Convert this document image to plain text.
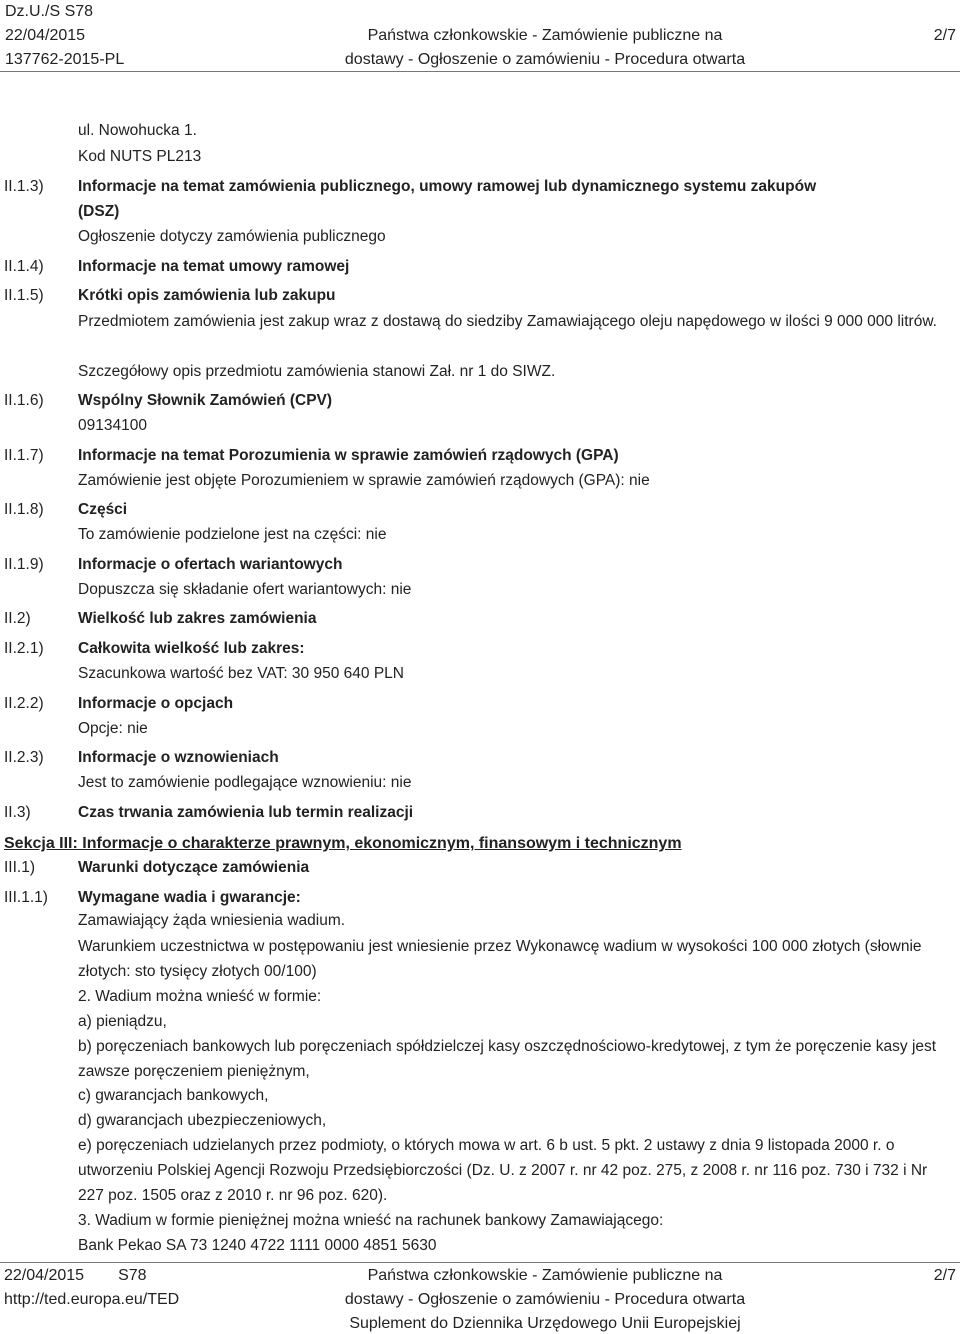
Dz.U./S S78
22/04/2015
137762-2015-PL
Państwa członkowskie - Zamówienie publiczne na
dostawy - Ogłoszenie o zamówieniu - Procedura otwarta
2/7
ul. Nowohucka 1.
Kod NUTS PL213
II.1.3) Informacje na temat zamówienia publicznego, umowy ramowej lub dynamicznego systemu zakupów
(DSZ)
Ogłoszenie dotyczy zamówienia publicznego
II.1.4) Informacje na temat umowy ramowej
II.1.5) Krótki opis zamówienia lub zakupu
Przedmiotem zamówienia jest zakup wraz z dostawą do siedziby Zamawiającego oleju napędowego w ilości 9 000 000 litrów.
Szczegółowy opis przedmiotu zamówienia stanowi Zał. nr 1 do SIWZ.
II.1.6) Wspólny Słownik Zamówień (CPV)
09134100
II.1.7) Informacje na temat Porozumienia w sprawie zamówień rządowych (GPA)
Zamówienie jest objęte Porozumieniem w sprawie zamówień rządowych (GPA): nie
II.1.8) Części
To zamówienie podzielone jest na części: nie
II.1.9) Informacje o ofertach wariantowych
Dopuszcza się składanie ofert wariantowych: nie
II.2)	Wielkość lub zakres zamówienia
II.2.1) Całkowita wielkość lub zakres:
Szacunkowa wartość bez VAT: 30 950 640 PLN
II.2.2) Informacje o opcjach
Opcje: nie
II.2.3) Informacje o wznowieniach
Jest to zamówienie podlegające wznowieniu: nie
II.3)	Czas trwania zamówienia lub termin realizacji
Sekcja III: Informacje o charakterze prawnym, ekonomicznym, finansowym i technicznym
III.1)	Warunki dotyczące zamówienia
III.1.1) Wymagane wadia i gwarancje:
Zamawiający żąda wniesienia wadium.
Warunkiem uczestnictwa w postępowaniu jest wniesienie przez Wykonawcę wadium w wysokości 100 000 złotych (słownie złotych: sto tysięcy złotych 00/100)
2. Wadium można wnieść w formie:
a) pieniądzu,
b) poręczeniach bankowych lub poręczeniach spółdzielczej kasy oszczędnościowo-kredytowej, z tym że poręczenie kasy jest zawsze poręczeniem pieniężnym,
c) gwarancjach bankowych,
d) gwarancjach ubezpieczeniowych,
e) poręczeniach udzielanych przez podmioty, o których mowa w art. 6 b ust. 5 pkt. 2 ustawy z dnia 9 listopada 2000 r. o utworzeniu Polskiej Agencji Rozwoju Przedsiębiorczości (Dz. U. z 2007 r. nr 42 poz. 275, z 2008 r. nr 116 poz. 730 i 732 i Nr 227 poz. 1505 oraz z 2010 r. nr 96 poz. 620).
3. Wadium w formie pieniężnej można wnieść na rachunek bankowy Zamawiającego:
Bank Pekao SA 73 1240 4722 1111 0000 4851 5630
22/04/2015 S78
http://ted.europa.eu/TED
Państwa członkowskie - Zamówienie publiczne na
dostawy - Ogłoszenie o zamówieniu - Procedura otwarta
Suplement do Dziennika Urzędowego Unii Europejskiej
2/7
